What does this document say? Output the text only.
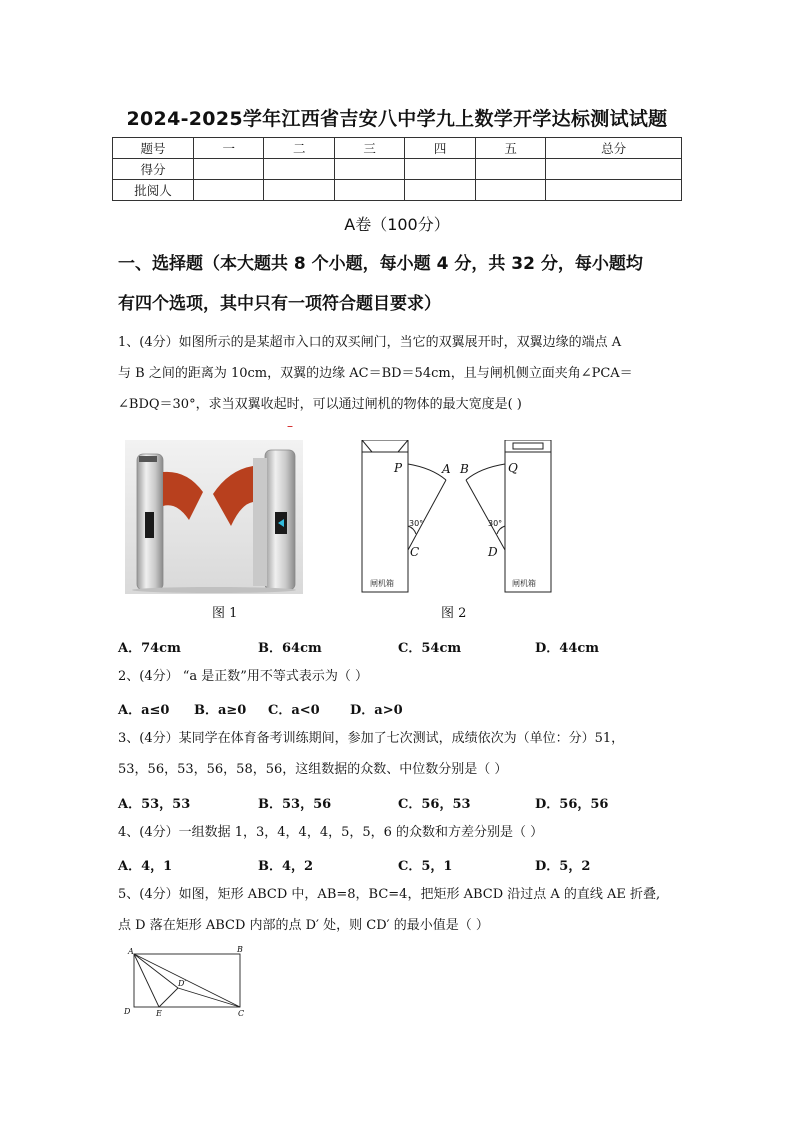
2024-2025学年江西省吉安八中学九上数学开学达标测试试题
题号	一	二	三	四	五	总分
得分						
批阅人						
A卷（100分）
一、选择题（本大题共 8 个小题，每小题 4 分，共 32 分，每小题均
有四个选项，其中只有一项符合题目要求）
1、(4分）如图所示的是某超市入口的双买闸门，当它的双翼展开时，双翼边缘的端点 A
与 B 之间的距离为 10cm，双翼的边缘 AC＝BD＝54cm，且与闸机侧立面夹角∠PCA＝
∠BDQ＝30°，求当双翼收起时，可以通过闸机的物体的最大宽度是( )
–
图 1
P	A
C
B	Q
D
30°	30°
闸机箱	闸机箱
图 2
A．74cm	B．64cm	C．54cm	D．44cm
2、(4分） “a 是正数”用不等式表示为（ ）
A．a≤0 B．a≥0 C．a<0 D．a>0
3、(4分）某同学在体育备考训练期间，参加了七次测试，成绩依次为（单位：分）51，
53，56，53，56，58，56，这组数据的众数、中位数分别是（ ）
A．53，53	B．53，56	C．56，53	D．56，56
4、(4分）一组数据 1，3，4，4，4，5，5，6 的众数和方差分别是（ ）
A．4，1	B．4，2	C．5，1	D．5，2
5、(4分）如图，矩形 ABCD 中，AB=8，BC=4，把矩形 ABCD 沿过点 A 的直线 AE 折叠,
点 D 落在矩形 ABCD 内部的点 D′ 处，则 CD′ 的最小值是（ ）
A	B
C
D	E
D′
